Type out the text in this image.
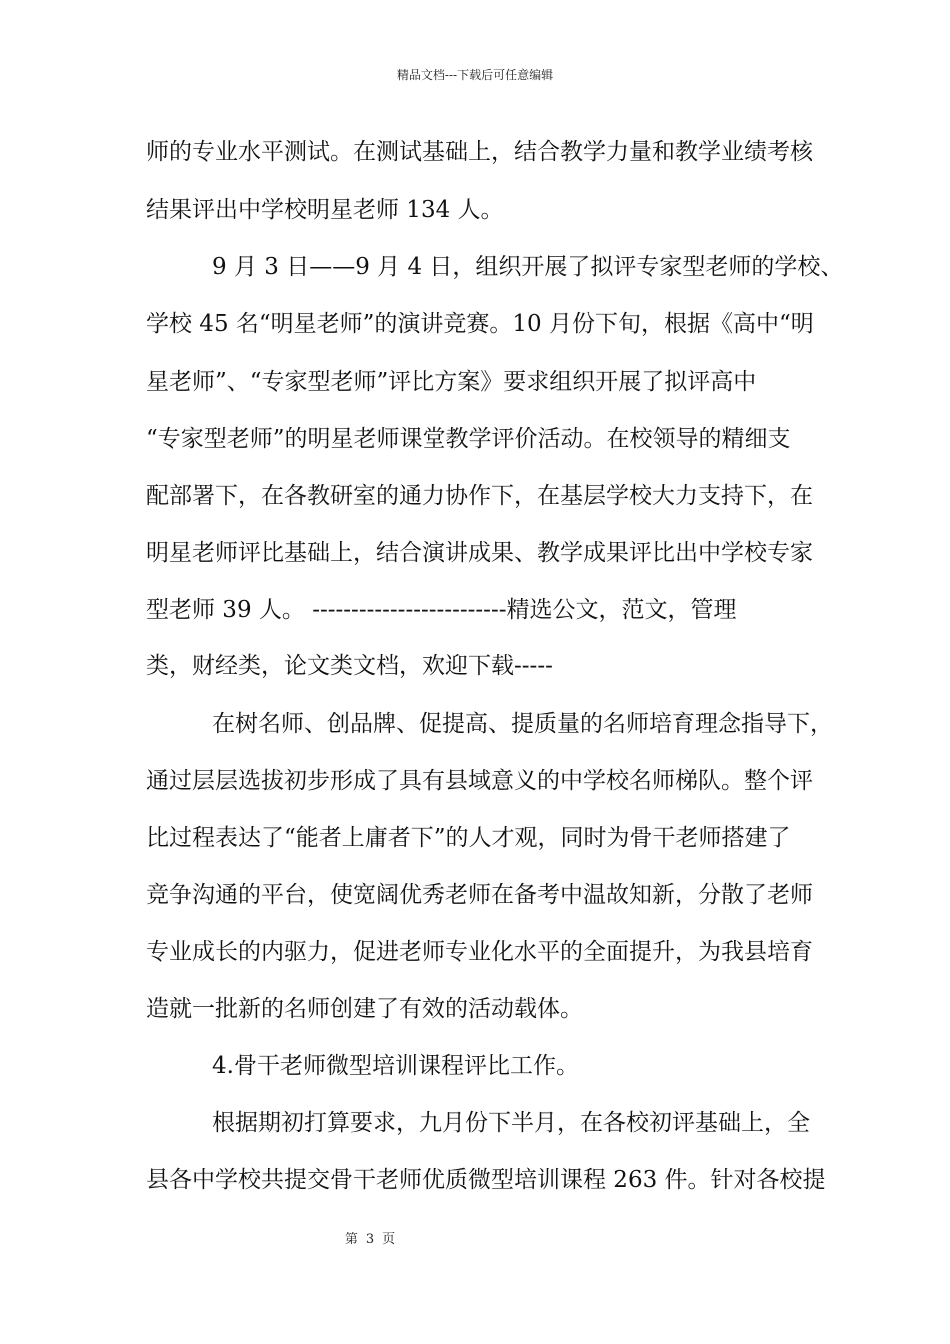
精品文档---下载后可任意编辑
师的专业水平测试。在测试基础上，结合教学力量和教学业绩考核
结果评出中学校明星老师 134 人。
9 月 3 日——9 月 4 日，组织开展了拟评专家型老师的学校、
学校 45 名“明星老师”的演讲竞赛。10 月份下旬，根据《高中“明
星老师”、“专家型老师”评比方案》要求组织开展了拟评高中
“专家型老师”的明星老师课堂教学评价活动。在校领导的精细支
配部署下，在各教研室的通力协作下，在基层学校大力支持下，在
明星老师评比基础上，结合演讲成果、教学成果评比出中学校专家
型老师 39 人。 -------------------------精选公文，范文，管理
类，财经类，论文类文档，欢迎下载-----
在树名师、创品牌、促提高、提质量的名师培育理念指导下，
通过层层选拔初步形成了具有县域意义的中学校名师梯队。整个评
比过程表达了“能者上庸者下”的人才观，同时为骨干老师搭建了
竞争沟通的平台，使宽阔优秀老师在备考中温故知新，分散了老师
专业成长的内驱力，促进老师专业化水平的全面提升，为我县培育
造就一批新的名师创建了有效的活动载体。
4.骨干老师微型培训课程评比工作。
根据期初打算要求，九月份下半月，在各校初评基础上，全
县各中学校共提交骨干老师优质微型培训课程 263 件。针对各校提
第 3 页
